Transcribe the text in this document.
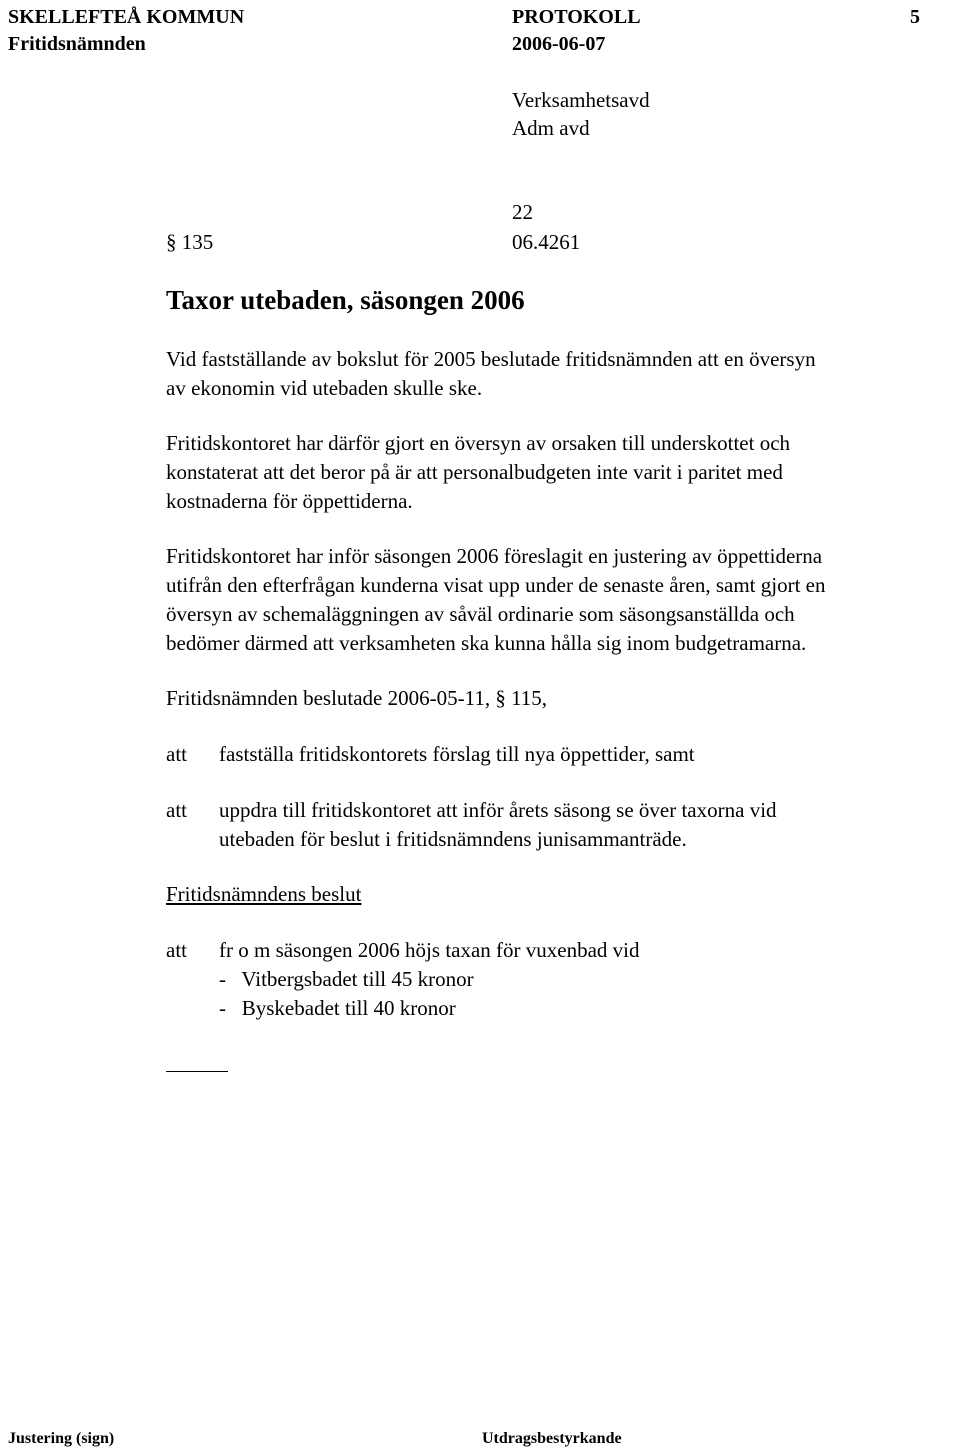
SKELLEFTEÅ KOMMUN	PROTOKOLL	5
Fritidsnämnden	2006-06-07
Verksamhetsavd
Adm avd
22
§ 135	06.4261
Taxor utebaden, säsongen 2006
Vid fastställande av bokslut för 2005 beslutade fritidsnämnden att en översyn
av ekonomin vid utebaden skulle ske.
Fritidskontoret har därför gjort en översyn av orsaken till underskottet och
konstaterat att det beror på är att personalbudgeten inte varit i paritet med
kostnaderna för öppettiderna.
Fritidskontoret har inför säsongen 2006 föreslagit en justering av öppettiderna
utifrån den efterfrågan kunderna visat upp under de senaste åren, samt gjort en
översyn av schemaläggningen av såväl ordinarie som säsongsanställda och
bedömer därmed att verksamheten ska kunna hålla sig inom budgetramarna.
Fritidsnämnden beslutade 2006-05-11, § 115,
att fastställa fritidskontorets förslag till nya öppettider, samt
att uppdra till fritidskontoret att inför årets säsong se över taxorna vid
utebaden för beslut i fritidsnämndens junisammanträde.
Fritidsnämndens beslut
att fr o m säsongen 2006 höjs taxan för vuxenbad vid
-   Vitbergsbadet till 45 kronor
-   Byskebadet till 40 kronor
Justering (sign)	Utdragsbestyrkande
